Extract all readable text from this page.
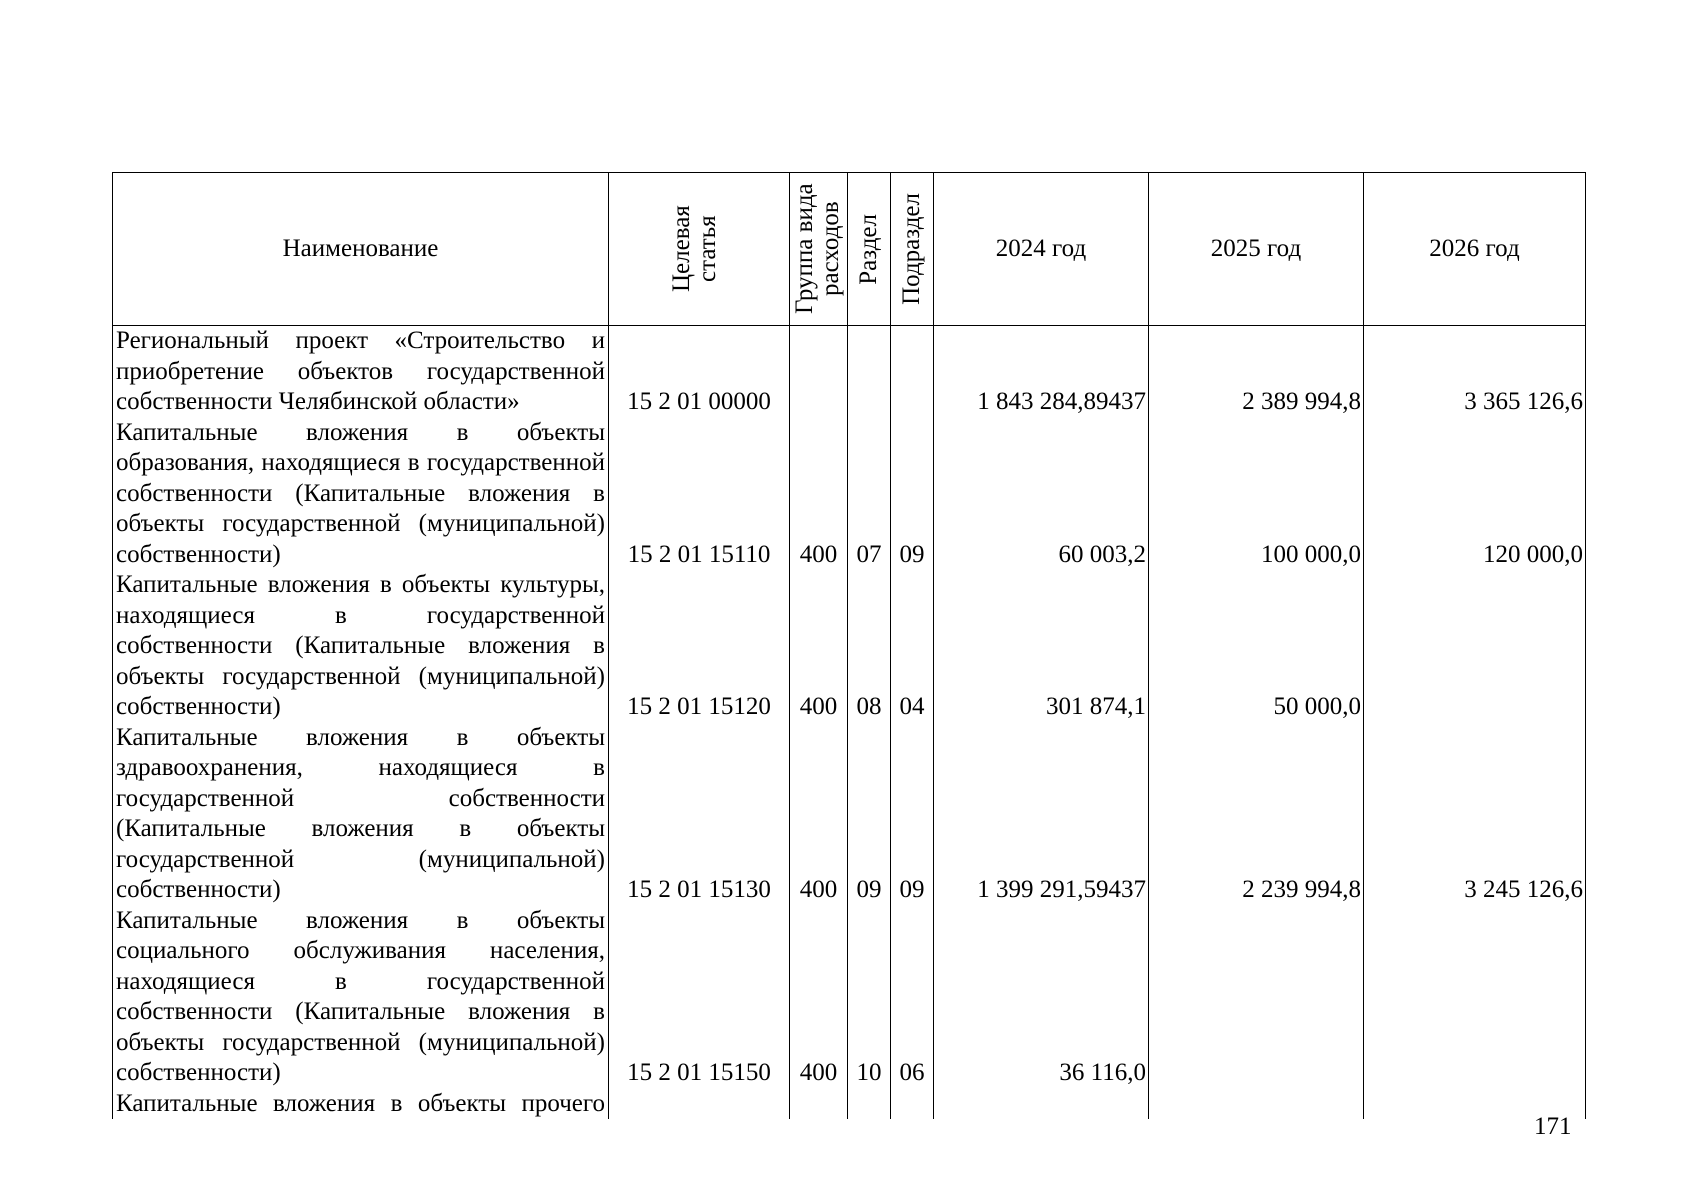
Наименование	Целевая статья	Группа вида расходов	Раздел	Подраздел	2024 год	2025 год	2026 год
Региональный проект «Строительство и приобретение объектов государственной собственности Челябинской области»	15 2 01 00000				1 843 284,89437	2 389 994,8	3 365 126,6
Капитальные вложения в объекты образования, находящиеся в государственной собственности (Капитальные вложения в объекты государственной (муниципальной) собственности)	15 2 01 15110	400	07	09	60 003,2	100 000,0	120 000,0
Капитальные вложения в объекты культуры, находящиеся в государственной собственности (Капитальные вложения в объекты государственной (муниципальной) собственности)	15 2 01 15120	400	08	04	301 874,1	50 000,0	
Капитальные вложения в объекты здравоохранения, находящиеся в государственной собственности (Капитальные вложения в объекты государственной (муниципальной) собственности)	15 2 01 15130	400	09	09	1 399 291,59437	2 239 994,8	3 245 126,6
Капитальные вложения в объекты социального обслуживания населения, находящиеся в государственной собственности (Капитальные вложения в объекты государственной (муниципальной) собственности)	15 2 01 15150	400	10	06	36 116,0		
Капитальные вложения в объекты прочего							
171
